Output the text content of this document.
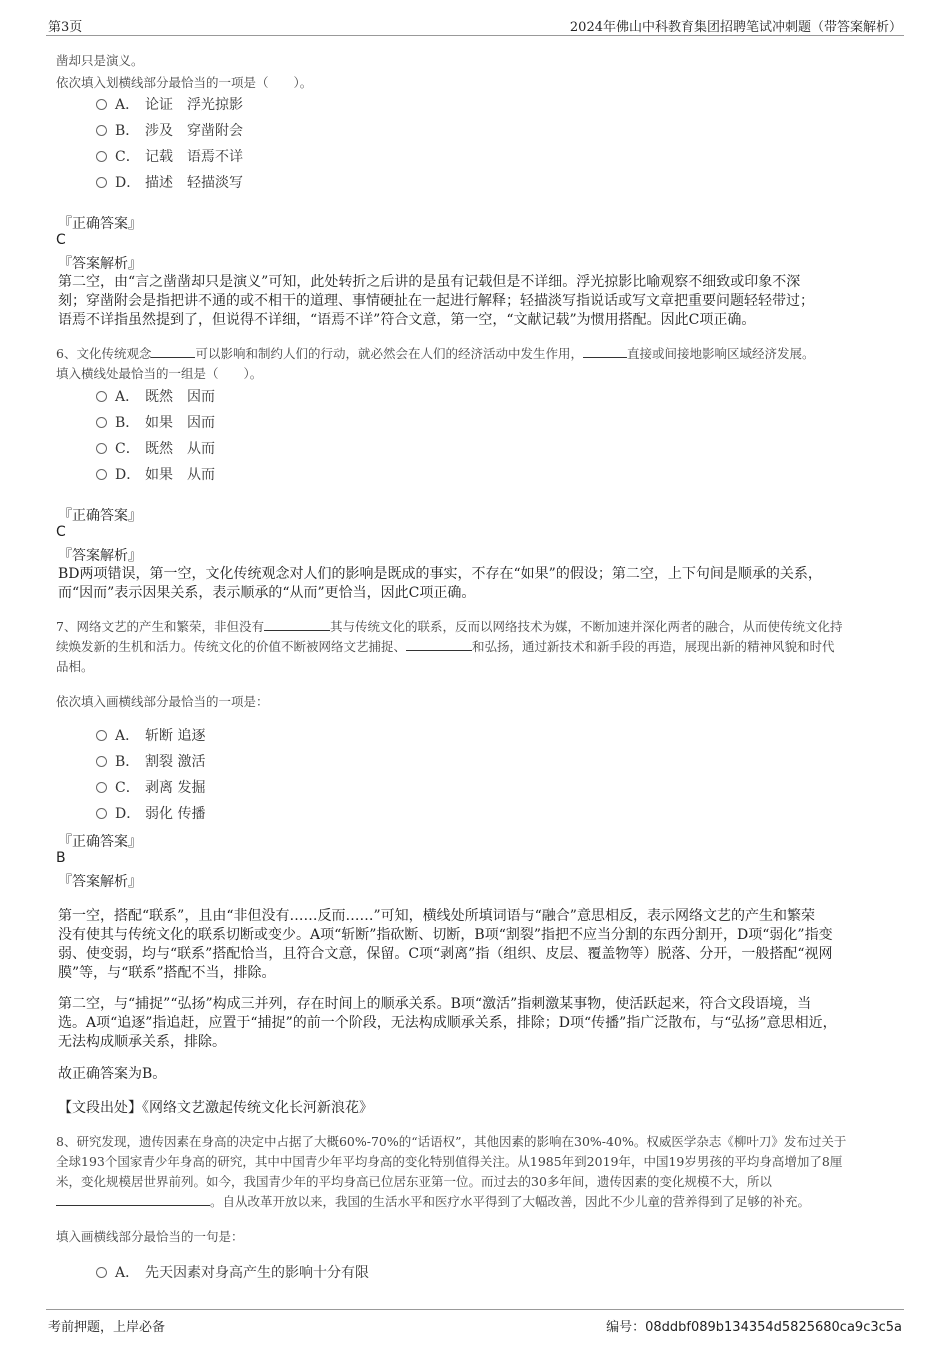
第3页	2024年佛山中科教育集团招聘笔试冲刺题（带答案解析）
凿却只是演义。
依次填入划横线部分最恰当的一项是（　　）。
A． 论证 浮光掠影
B． 涉及 穿凿附会
C． 记载 语焉不详
D． 描述 轻描淡写
『正确答案』
C
『答案解析』
第二空，由“言之凿凿却只是演义”可知，此处转折之后讲的是虽有记载但是不详细。浮光掠影比喻观察不细致或印象不深
刻；穿凿附会是指把讲不通的或不相干的道理、事情硬扯在一起进行解释；轻描淡写指说话或写文章把重要问题轻轻带过；
语焉不详指虽然提到了，但说得不详细，“语焉不详”符合文意，第一空，“文献记载”为惯用搭配。因此C项正确。
6、文化传统观念	可以影响和制约人们的行动，就必然会在人们的经济活动中发生作用，	直接或间接地影响区域经济发展。
填入横线处最恰当的一组是（　　）。
A． 既然 因而
B． 如果 因而
C． 既然 从而
D． 如果 从而
『正确答案』
C
『答案解析』
BD两项错误，第一空，文化传统观念对人们的影响是既成的事实，不存在“如果”的假设；第二空，上下句间是顺承的关系，
而“因而”表示因果关系，表示顺承的“从而”更恰当，因此C项正确。
7、网络文艺的产生和繁荣，非但没有	其与传统文化的联系，反而以网络技术为媒，不断加速并深化两者的融合，从而使传统文化持
续焕发新的生机和活力。传统文化的价值不断被网络文艺捕捉、	和弘扬，通过新技术和新手段的再造，展现出新的精神风貌和时代
品相。
依次填入画横线部分最恰当的一项是：
A． 斩断 追逐
B． 割裂 激活
C． 剥离 发掘
D． 弱化 传播
『正确答案』
B
『答案解析』
第一空，搭配“联系”，且由“非但没有……反而……”可知，横线处所填词语与“融合”意思相反，表示网络文艺的产生和繁荣
没有使其与传统文化的联系切断或变少。A项“斩断”指砍断、切断，B项“割裂”指把不应当分割的东西分割开，D项“弱化”指变
弱、使变弱，均与“联系”搭配恰当，且符合文意，保留。C项“剥离”指（组织、皮层、覆盖物等）脱落、分开，一般搭配“视网
膜”等，与“联系”搭配不当，排除。
第二空，与“捕捉”“弘扬”构成三并列，存在时间上的顺承关系。B项“激活”指刺激某事物，使活跃起来，符合文段语境，当
选。A项“追逐”指追赶，应置于“捕捉”的前一个阶段，无法构成顺承关系，排除；D项“传播”指广泛散布，与“弘扬”意思相近，
无法构成顺承关系，排除。
故正确答案为B。
【文段出处】《网络文艺激起传统文化长河新浪花》
8、研究发现，遗传因素在身高的决定中占据了大概60%-70%的“话语权”，其他因素的影响在30%-40%。权威医学杂志《柳叶刀》发布过关于
全球193个国家青少年身高的研究，其中中国青少年平均身高的变化特别值得关注。从1985年到2019年，中国19岁男孩的平均身高增加了8厘
米，变化规模居世界前列。如今，我国青少年的平均身高已位居东亚第一位。而过去的30多年间，遗传因素的变化规模不大，所以
。自从改革开放以来，我国的生活水平和医疗水平得到了大幅改善，因此不少儿童的营养得到了足够的补充。
填入画横线部分最恰当的一句是：
A． 先天因素对身高产生的影响十分有限
考前押题，上岸必备	编号：08ddbf089b134354d5825680ca9c3c5a
